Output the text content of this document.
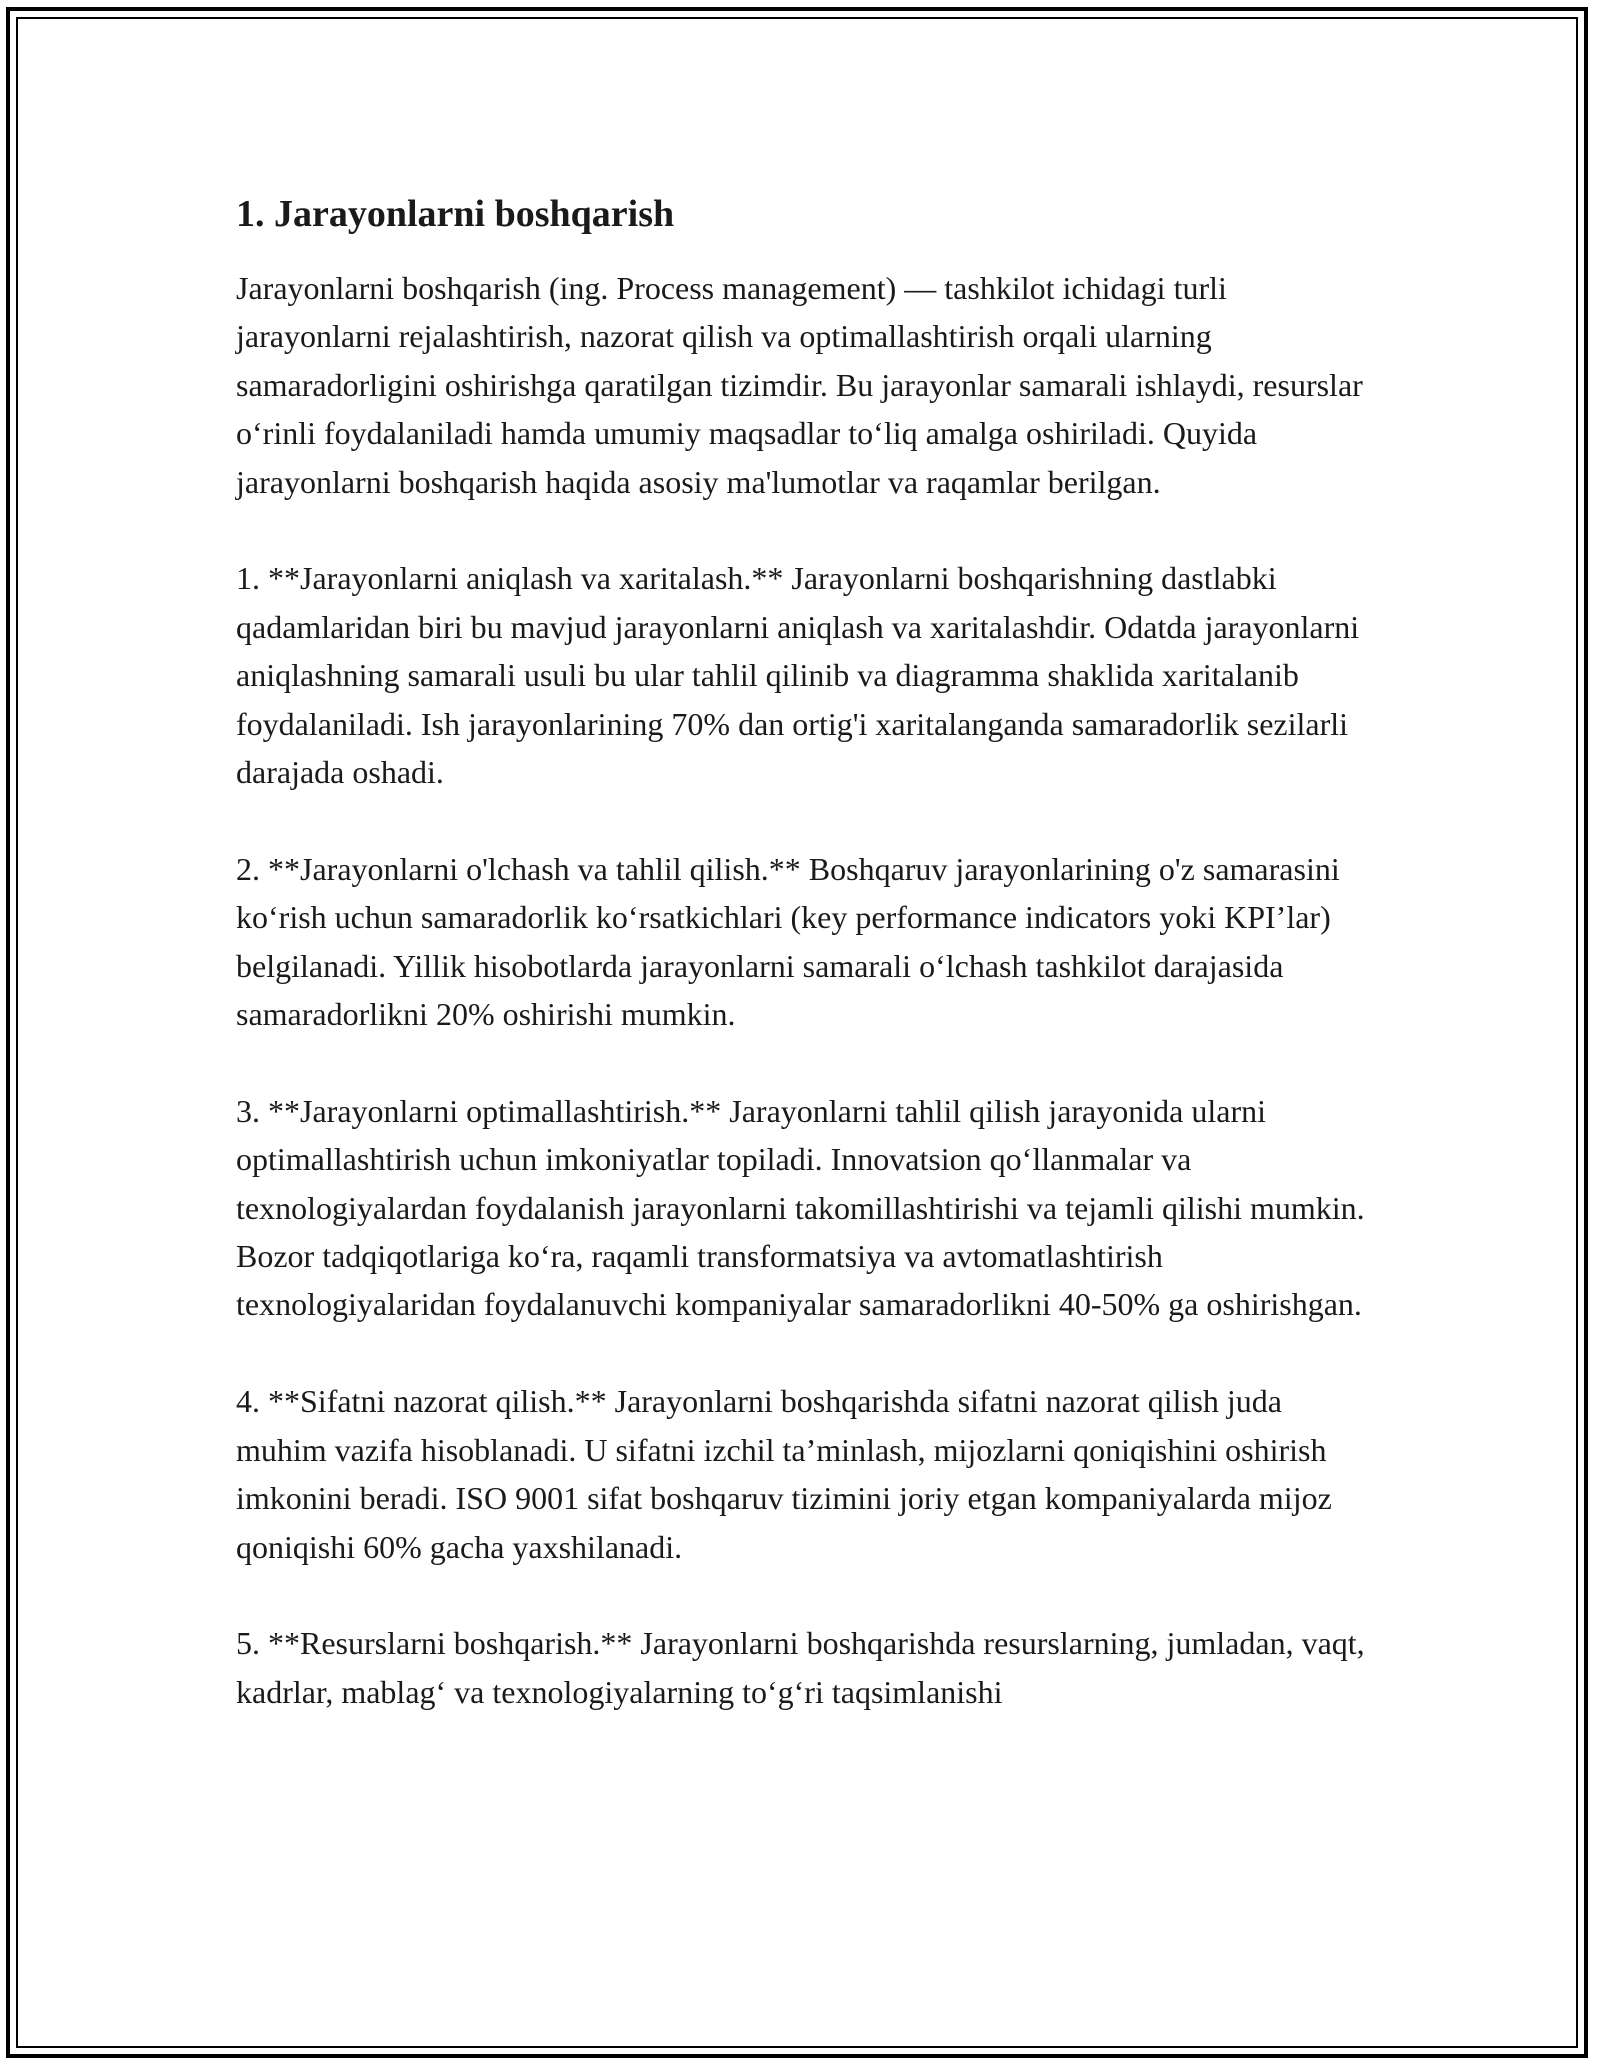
1. Jarayonlarni boshqarish

Jarayonlarni boshqarish (ing. Process management) — tashkilot ichidagi turli jarayonlarni rejalashtirish, nazorat qilish va optimallashtirish orqali ularning samaradorligini oshirishga qaratilgan tizimdir. Bu jarayonlar samarali ishlaydi, resurslar o‘rinli foydalaniladi hamda umumiy maqsadlar to‘liq amalga oshiriladi. Quyida jarayonlarni boshqarish haqida asosiy ma'lumotlar va raqamlar berilgan.

1. **Jarayonlarni aniqlash va xaritalash.** Jarayonlarni boshqarishning dastlabki qadamlaridan biri bu mavjud jarayonlarni aniqlash va xaritalashdir. Odatda jarayonlarni aniqlashning samarali usuli bu ular tahlil qilinib va diagramma shaklida xaritalanib foydalaniladi. Ish jarayonlarining 70% dan ortig'i xaritalanganda samaradorlik sezilarli darajada oshadi.

2. **Jarayonlarni o'lchash va tahlil qilish.** Boshqaruv jarayonlarining o'z samarasini ko‘rish uchun samaradorlik ko‘rsatkichlari (key performance indicators yoki KPI’lar) belgilanadi. Yillik hisobotlarda jarayonlarni samarali o‘lchash tashkilot darajasida samaradorlikni 20% oshirishi mumkin.

3. **Jarayonlarni optimallashtirish.** Jarayonlarni tahlil qilish jarayonida ularni optimallashtirish uchun imkoniyatlar topiladi. Innovatsion qo‘llanmalar va texnologiyalardan foydalanish jarayonlarni takomillashtirishi va tejamli qilishi mumkin. Bozor tadqiqotlariga ko‘ra, raqamli transformatsiya va avtomatlashtirish texnologiyalaridan foydalanuvchi kompaniyalar samaradorlikni 40-50% ga oshirishgan.

4. **Sifatni nazorat qilish.** Jarayonlarni boshqarishda sifatni nazorat qilish juda muhim vazifa hisoblanadi. U sifatni izchil ta’minlash, mijozlarni qoniqishini oshirish imkonini beradi. ISO 9001 sifat boshqaruv tizimini joriy etgan kompaniyalarda mijoz qoniqishi 60% gacha yaxshilanadi.

5. **Resurslarni boshqarish.** Jarayonlarni boshqarishda resurslarning, jumladan, vaqt, kadrlar, mablag‘ va texnologiyalarning to‘g‘ri taqsimlanishi
